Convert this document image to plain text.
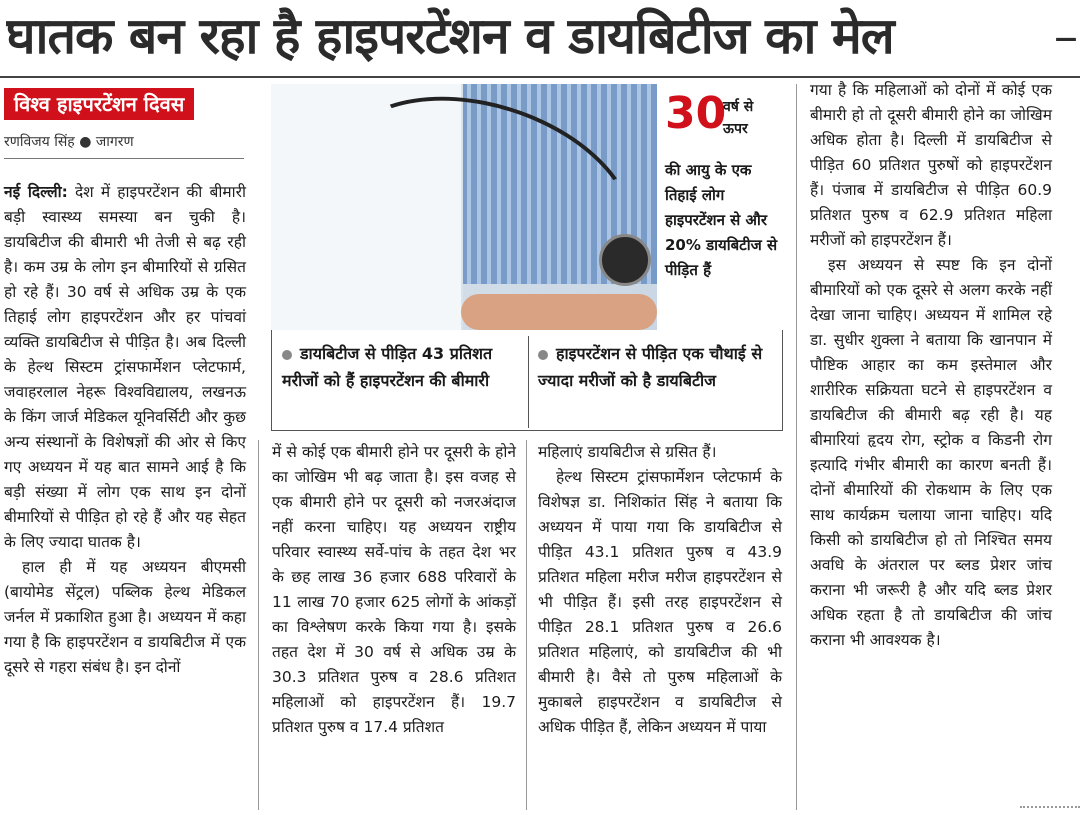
घातक बन रहा है हाइपरटेंशन व डायबिटीज का मेल	–
विश्व हाइपरटेंशन दिवस
रणविजय सिंह ● जागरण

नई दिल्ली: देश में हाइपरटेंशन की बीमारी बड़ी स्वास्थ्य समस्या बन चुकी है। डायबिटीज की बीमारी भी तेजी से बढ़ रही है। कम उम्र के लोग इन बीमारियों से ग्रसित हो रहे हैं। 30 वर्ष से अधिक उम्र के एक तिहाई लोग हाइपरटेंशन और हर पांचवां व्यक्ति डायबिटीज से पीड़ित है। अब दिल्ली के हेल्थ सिस्टम ट्रांसफार्मेशन प्लेटफार्म, जवाहरलाल नेहरू विश्वविद्यालय, लखनऊ के किंग जार्ज मेडिकल यूनिवर्सिटी और कुछ अन्य संस्थानों के विशेषज्ञों की ओर से किए गए अध्ययन में यह बात सामने आई है कि बड़ी संख्या में लोग एक साथ इन दोनों बीमारियों से पीड़ित हो रहे हैं और यह सेहत के लिए ज्यादा घातक है।

हाल ही में यह अध्ययन बीएमसी (बायोमेड सेंट्रल) पब्लिक हेल्थ मेडिकल जर्नल में प्रकाशित हुआ है। अध्ययन में कहा गया है कि हाइपरटेंशन व डायबिटीज में एक दूसरे से गहरा संबंध है। इन दोनों

30
वर्ष से ऊपर
की आयु के एक तिहाई लोग हाइपरटेंशन से और 20% डायबिटीज से पीड़ित हैं
डायबिटीज से पीड़ित 43 प्रतिशत मरीजों को हैं हाइपरटेंशन की बीमारी
हाइपरटेंशन से पीड़ित एक चौथाई से ज्यादा मरीजों को है डायबिटीज

में से कोई एक बीमारी होने पर दूसरी के होने का जोखिम भी बढ़ जाता है। इस वजह से एक बीमारी होने पर दूसरी को नजरअंदाज नहीं करना चाहिए। यह अध्ययन राष्ट्रीय परिवार स्वास्थ्य सर्वे-पांच के तहत देश भर के छह लाख 36 हजार 688 परिवारों के 11 लाख 70 हजार 625 लोगों के आंकड़ों का विश्लेषण करके किया गया है। इसके तहत देश में 30 वर्ष से अधिक उम्र के 30.3 प्रतिशत पुरुष व 28.6 प्रतिशत महिलाओं को हाइपरटेंशन हैं। 19.7 प्रतिशत पुरुष व 17.4 प्रतिशत

महिलाएं डायबिटीज से ग्रसित हैं।

हेल्थ सिस्टम ट्रांसफार्मेशन प्लेटफार्म के विशेषज्ञ डा. निशिकांत सिंह ने बताया कि अध्ययन में पाया गया कि डायबिटीज से पीड़ित 43.1 प्रतिशत पुरुष व 43.9 प्रतिशत महिला मरीज मरीज हाइपरटेंशन से भी पीड़ित हैं। इसी तरह हाइपरटेंशन से पीड़ित 28.1 प्रतिशत पुरुष व 26.6 प्रतिशत महिलाएं, को डायबिटीज की भी बीमारी है। वैसे तो पुरुष महिलाओं के मुकाबले हाइपरटेंशन व डायबिटीज से अधिक पीड़ित हैं, लेकिन अध्ययन में पाया

गया है कि महिलाओं को दोनों में कोई एक बीमारी हो तो दूसरी बीमारी होने का जोखिम अधिक होता है। दिल्ली में डायबिटीज से पीड़ित 60 प्रतिशत पुरुषों को हाइपरटेंशन हैं। पंजाब में डायबिटीज से पीड़ित 60.9 प्रतिशत पुरुष व 62.9 प्रतिशत महिला मरीजों को हाइपरटेंशन हैं।

इस अध्ययन से स्पष्ट कि इन दोनों बीमारियों को एक दूसरे से अलग करके नहीं देखा जाना चाहिए। अध्ययन में शामिल रहे डा. सुधीर शुक्ला ने बताया कि खानपान में पौष्टिक आहार का कम इस्तेमाल और शारीरिक सक्रियता घटने से हाइपरटेंशन व डायबिटीज की बीमारी बढ़ रही है। यह बीमारियां हृदय रोग, स्ट्रोक व किडनी रोग इत्यादि गंभीर बीमारी का कारण बनती हैं। दोनों बीमारियों की रोकथाम के लिए एक साथ कार्यक्रम चलाया जाना चाहिए। यदि किसी को डायबिटीज हो तो निश्चित समय अवधि के अंतराल पर ब्लड प्रेशर जांच कराना भी जरूरी है और यदि ब्लड प्रेशर अधिक रहता है तो डायबिटीज की जांच कराना भी आवश्यक है।
